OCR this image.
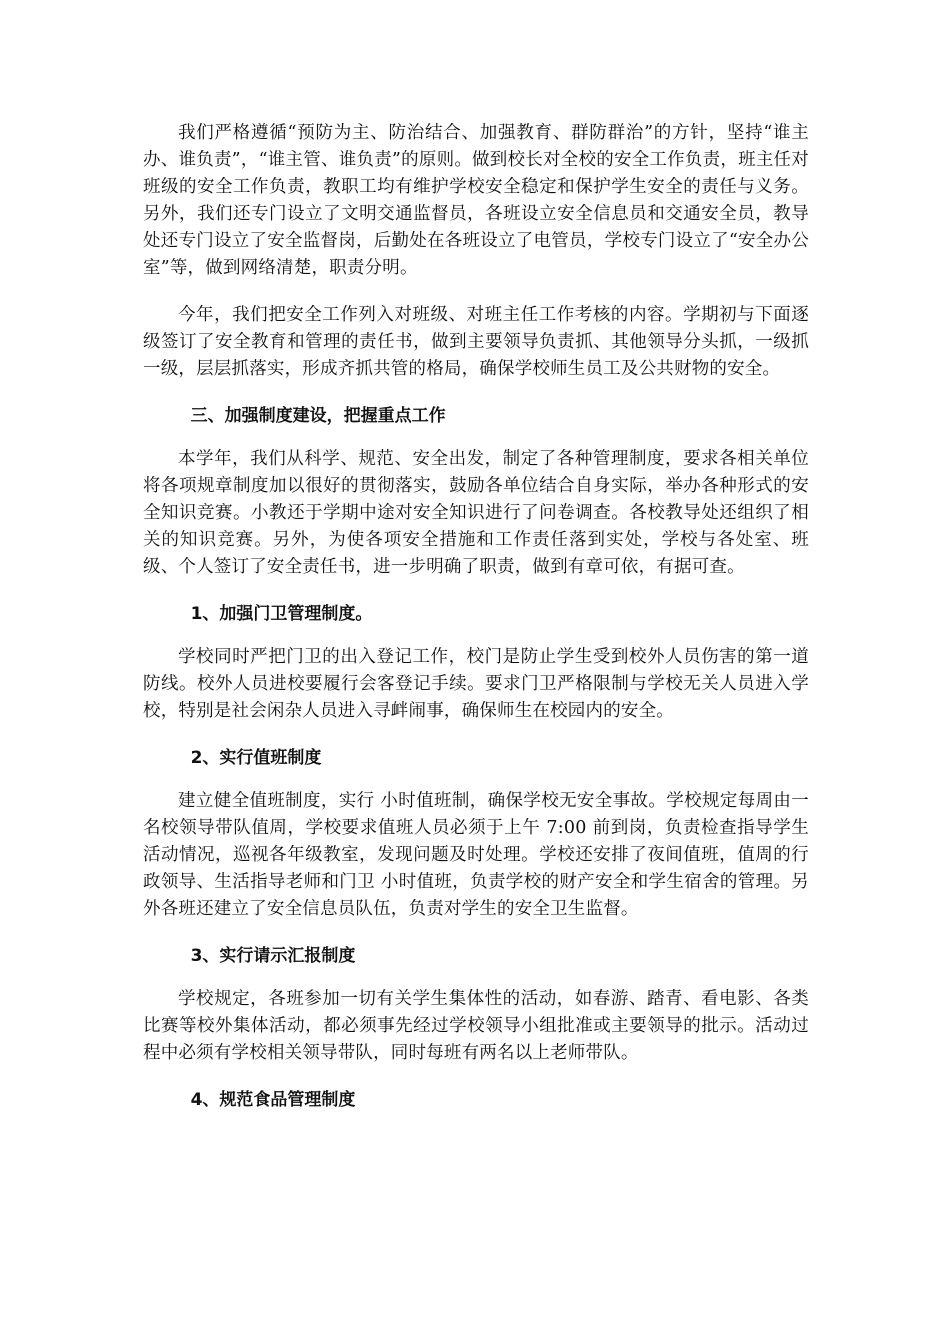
我们严格遵循“预防为主、防治结合、加强教育、群防群治”的方针，坚持“谁主办、谁负责”，“谁主管、谁负责”的原则。做到校长对全校的安全工作负责，班主任对班级的安全工作负责，教职工均有维护学校安全稳定和保护学生安全的责任与义务。另外，我们还专门设立了文明交通监督员，各班设立安全信息员和交通安全员，教导处还专门设立了安全监督岗，后勤处在各班设立了电管员，学校专门设立了“安全办公室”等，做到网络清楚，职责分明。

今年，我们把安全工作列入对班级、对班主任工作考核的内容。学期初与下面逐级签订了安全教育和管理的责任书，做到主要领导负责抓、其他领导分头抓，一级抓一级，层层抓落实，形成齐抓共管的格局，确保学校师生员工及公共财物的安全。

三、加强制度建设，把握重点工作

本学年，我们从科学、规范、安全出发，制定了各种管理制度，要求各相关单位将各项规章制度加以很好的贯彻落实，鼓励各单位结合自身实际，举办各种形式的安全知识竞赛。小教还于学期中途对安全知识进行了问卷调查。各校教导处还组织了相关的知识竞赛。另外，为使各项安全措施和工作责任落到实处，学校与各处室、班级、个人签订了安全责任书，进一步明确了职责，做到有章可依，有据可查。

1、加强门卫管理制度。

学校同时严把门卫的出入登记工作，校门是防止学生受到校外人员伤害的第一道防线。校外人员进校要履行会客登记手续。要求门卫严格限制与学校无关人员进入学校，特别是社会闲杂人员进入寻衅闹事，确保师生在校园内的安全。

2、实行值班制度

建立健全值班制度，实行 小时值班制，确保学校无安全事故。学校规定每周由一名校领导带队值周，学校要求值班人员必须于上午 7:00 前到岗，负责检查指导学生活动情况，巡视各年级教室，发现问题及时处理。学校还安排了夜间值班，值周的行政领导、生活指导老师和门卫 小时值班，负责学校的财产安全和学生宿舍的管理。另外各班还建立了安全信息员队伍，负责对学生的安全卫生监督。

3、实行请示汇报制度

学校规定，各班参加一切有关学生集体性的活动，如春游、踏青、看电影、各类比赛等校外集体活动，都必须事先经过学校领导小组批准或主要领导的批示。活动过程中必须有学校相关领导带队，同时每班有两名以上老师带队。

4、规范食品管理制度
